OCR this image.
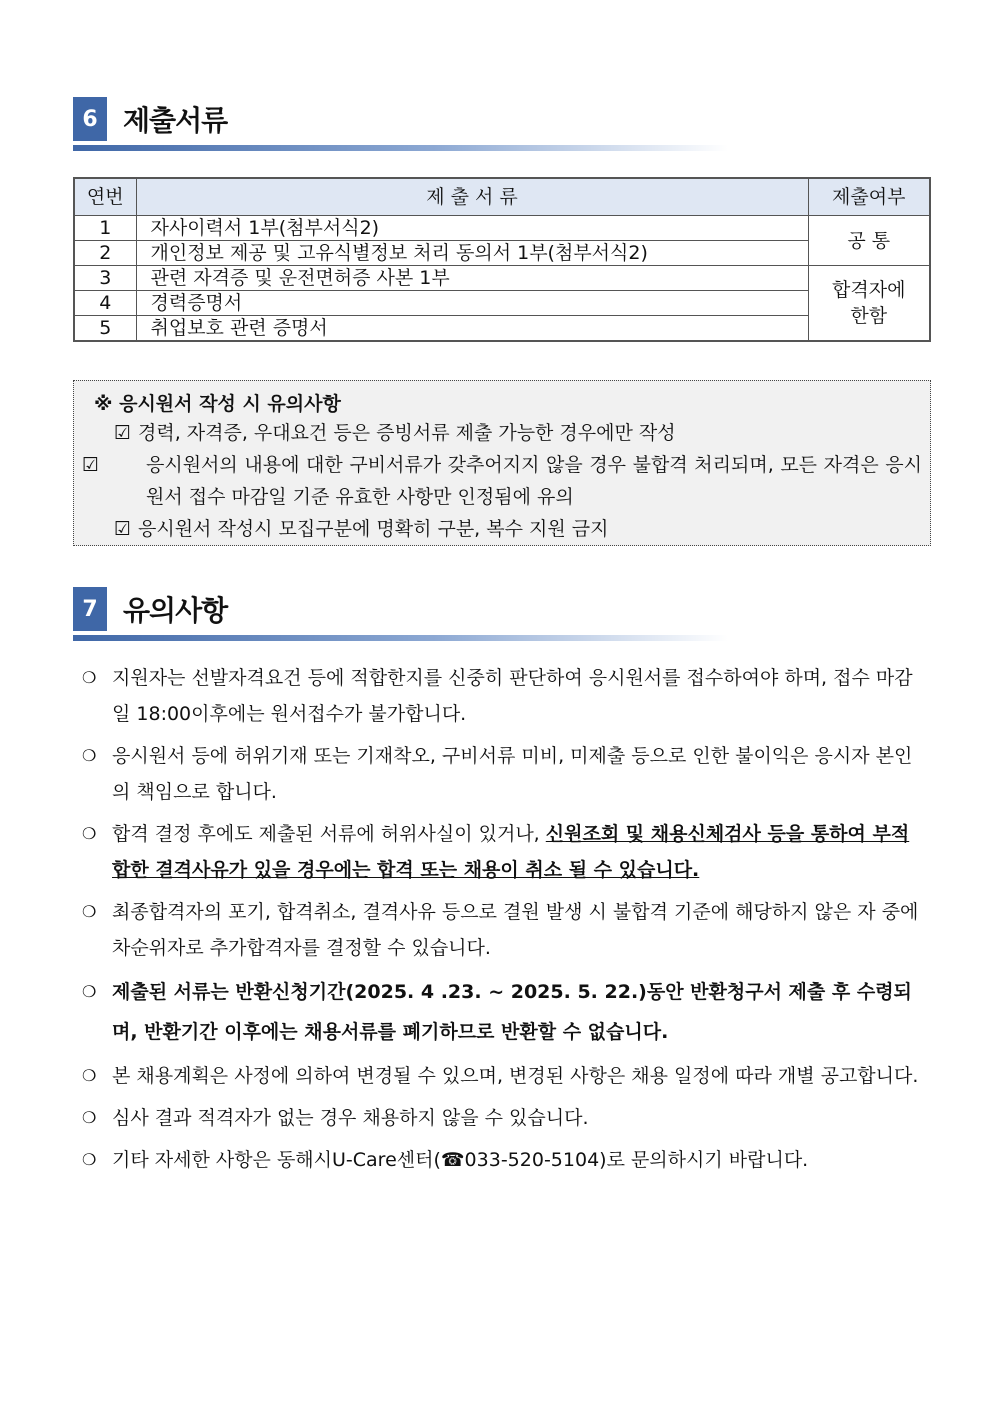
6 제출서류
연번	제 출 서 류	제출여부
1	자사이력서 1부(첨부서식2)	공 통
2	개인정보 제공 및 고유식별정보 처리 동의서 1부(첨부서식2)	
3	관련 자격증 및 운전면허증 사본 1부	합격자에 한함

4	경력증명서	
5	취업보호 관련 증명서	
※ 응시원서 작성 시 유의사항
☑ 경력, 자격증, 우대요건 등은 증빙서류 제출 가능한 경우에만 작성
☑ 응시원서의 내용에 대한 구비서류가 갖추어지지 않을 경우 불합격 처리되며, 모든 자격은 응시원서 접수 마감일 기준 유효한 사항만 인정됨에 유의
☑ 응시원서 작성시 모집구분에 명확히 구분, 복수 지원 금지
7 유의사항
❍ 지원자는 선발자격요건 등에 적합한지를 신중히 판단하여 응시원서를 접수하여야 하며, 접수 마감일 18:00이후에는 원서접수가 불가합니다.
❍ 응시원서 등에 허위기재 또는 기재착오, 구비서류 미비, 미제출 등으로 인한 불이익은 응시자 본인의 책임으로 합니다.
❍ 합격 결정 후에도 제출된 서류에 허위사실이 있거나, 신원조회 및 채용신체검사 등을 통하여 부적합한 결격사유가 있을 경우에는 합격 또는 채용이 취소 될 수 있습니다.
❍ 최종합격자의 포기, 합격취소, 결격사유 등으로 결원 발생 시 불합격 기준에 해당하지 않은 자 중에 차순위자로 추가합격자를 결정할 수 있습니다.
❍ 제출된 서류는 반환신청기간(2025. 4 .23. ~ 2025. 5. 22.)동안 반환청구서 제출 후 수령되며, 반환기간 이후에는 채용서류를 폐기하므로 반환할 수 없습니다.
❍ 본 채용계획은 사정에 의하여 변경될 수 있으며, 변경된 사항은 채용 일정에 따라 개별 공고합니다.
❍ 심사 결과 적격자가 없는 경우 채용하지 않을 수 있습니다.
❍ 기타 자세한 사항은 동해시U-Care센터(☎033-520-5104)로 문의하시기 바랍니다.
